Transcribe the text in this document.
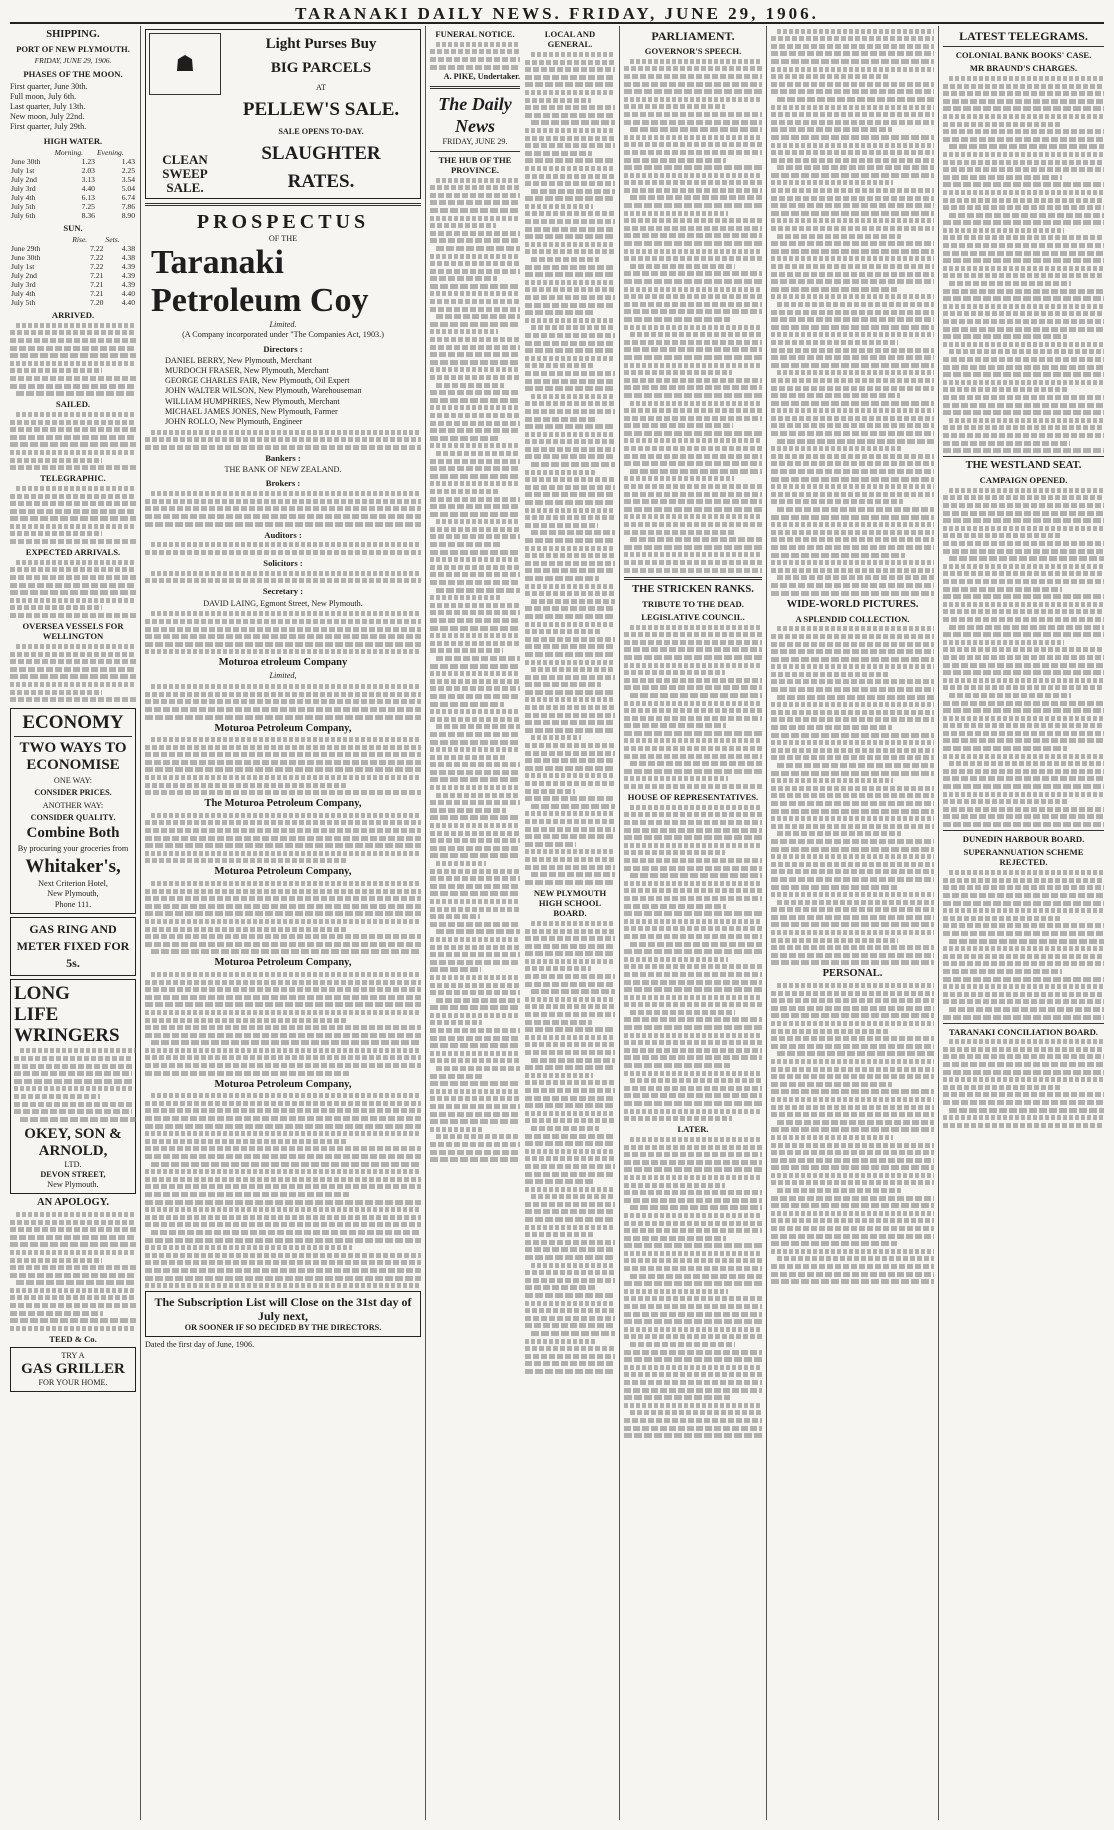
TARANAKI DAILY NEWS. FRIDAY, JUNE 29, 1906.
SHIPPING.
PORT OF NEW PLYMOUTH.
FRIDAY, JUNE 29, 1906.
PHASES OF THE MOON.
First quarter, June 30th.
Full moon, July 6th.
Last quarter, July 13th.
New moon, July 22nd.
First quarter, July 29th.
HIGH WATER.
	Morning.	Evening.
June 30th	1.23	1.43
July 1st	2.03	2.25
July 2nd	3.13	3.54
July 3rd	4.40	5.04
July 4th	6.13	6.74
July 5th	7.25	7.86
July 6th	8.36	8.90
SUN.
	Rise.	Sets.
June 29th	7.22	4.38
June 30th	7.22	4.38
July 1st	7.22	4.39
July 2nd	7.21	4.39
July 3rd	7.21	4.39
July 4th	7.21	4.40
July 5th	7.20	4.40
ARRIVED.
SAILED.
TELEGRAPHIC.
EXPECTED ARRIVALS.
OVERSEA VESSELS FOR WELLINGTON
ECONOMY
TWO WAYS TO
ECONOMISE
ONE WAY:
CONSIDER PRICES.
ANOTHER WAY:
CONSIDER QUALITY.
Combine Both
By procuring your groceries from
Whitaker's,
Next Criterion Hotel,
New Plymouth,
Phone 111.
GAS RING AND METER FIXED FOR 5s.
LONG
LIFE
WRINGERS
OKEY, SON & ARNOLD,
LTD.
DEVON STREET,
New Plymouth.
AN APOLOGY.
TEED & Co.
TRY A
GAS GRILLER
FOR YOUR HOME.
☗
CLEAN SWEEP SALE.
Light Purses Buy
BIG PARCELS
AT
PELLEW'S SALE.
SALE OPENS TO-DAY.
SLAUGHTER
RATES.
PROSPECTUS
OF THE
Taranaki
Petroleum Coy
Limited.
(A Company incorporated under "The Companies Act, 1903.)
Directors :
DANIEL BERRY, New Plymouth, Merchant
MURDOCH FRASER, New Plymouth, Merchant
GEORGE CHARLES FAIR, New Plymouth, Oil Expert
JOHN WALTER WILSON, New Plymouth, Warehouseman
WILLIAM HUMPHRIES, New Plymouth, Merchant
MICHAEL JAMES JONES, New Plymouth, Farmer
JOHN ROLLO, New Plymouth, Engineer
Bankers :
THE BANK OF NEW ZEALAND.
Brokers :
Auditors :
Solicitors :
Secretary :
DAVID LAING, Egmont Street, New Plymouth.
Moturoa etroleum Company
Limited,
Moturoa Petroleum Company,
The Moturoa Petroleum Company,
Moturoa Petroleum Company,
Moturoa Petroleum Company,
Moturoa Petroleum Company,
The Subscription List will Close on the 31st day of July next,
OR SOONER IF SO DECIDED BY THE DIRECTORS.
Dated the first day of June, 1906.
FUNERAL NOTICE.
A. PIKE, Undertaker.
The Daily News
FRIDAY, JUNE 29.
THE HUB OF THE PROVINCE.
LOCAL AND GENERAL.
NEW PLYMOUTH HIGH SCHOOL BOARD.
PARLIAMENT.
GOVERNOR'S SPEECH.
THE STRICKEN RANKS.
TRIBUTE TO THE DEAD.
LEGISLATIVE COUNCIL.
HOUSE OF REPRESENTATIVES.
LATER.
WIDE-WORLD PICTURES.
A SPLENDID COLLECTION.
PERSONAL.
LATEST TELEGRAMS.
COLONIAL BANK BOOKS' CASE.
MR BRAUND'S CHARGES.
THE WESTLAND SEAT.
CAMPAIGN OPENED.
DUNEDIN HARBOUR BOARD.
SUPERANNUATION SCHEME REJECTED.
TARANAKI CONCILIATION BOARD.
